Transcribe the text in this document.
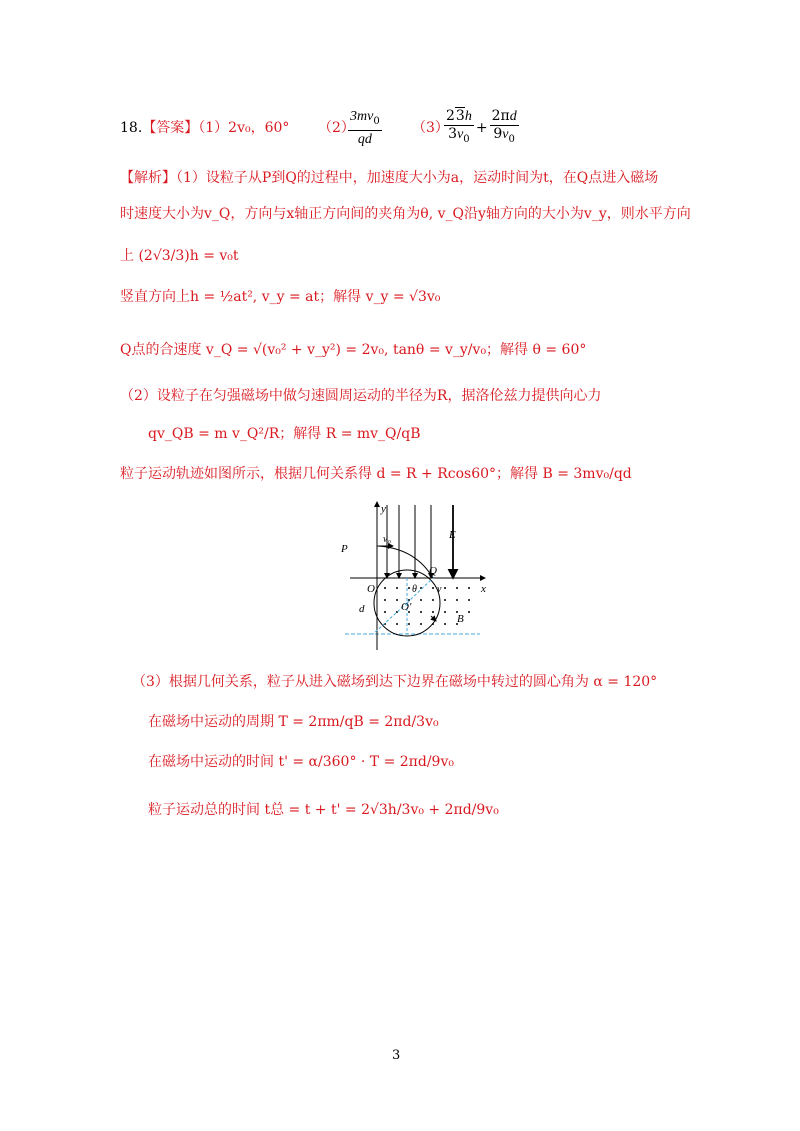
18.【答案】（1）2v₀，60° （2）
$\frac{3mv_0}{qd} (3)$
$\frac{23h}{3v_0} + \frac{2\pi d}{9v_0}$
【解析】（1）设粒子从P到Q的过程中，加速度大小为a，运动时间为t，在Q点进入磁场
时速度大小为v_Q，方向与x轴正方向间的夹角为θ, v_Q沿y轴方向的大小为v_y，则水平方向
上 (2√3/3)h = v₀t
竖直方向上h = ½at², v_y = at；解得 v_y = √3v₀
Q点的合速度 v_Q = √(v₀² + v_y²) = 2v₀, tanθ = v_y/v₀；解得 θ = 60°
（2）设粒子在匀强磁场中做匀速圆周运动的半径为R，据洛伦兹力提供向心力
qv_QB = m v_Q²/R；解得 R = mv_Q/qB
粒子运动轨迹如图所示，根据几何关系得 d = R + Rcos60°；解得 B = 3mv₀/qd
P
v₀	E
y
x
Q
O
O'
θ v
d
B
（3）根据几何关系，粒子从进入磁场到达下边界在磁场中转过的圆心角为 α = 120°
在磁场中运动的周期 T = 2πm/qB = 2πd/3v₀
在磁场中运动的时间 t' = α/360° · T = 2πd/9v₀
粒子运动总的时间 t总 = t + t' = 2√3h/3v₀ + 2πd/9v₀
3
